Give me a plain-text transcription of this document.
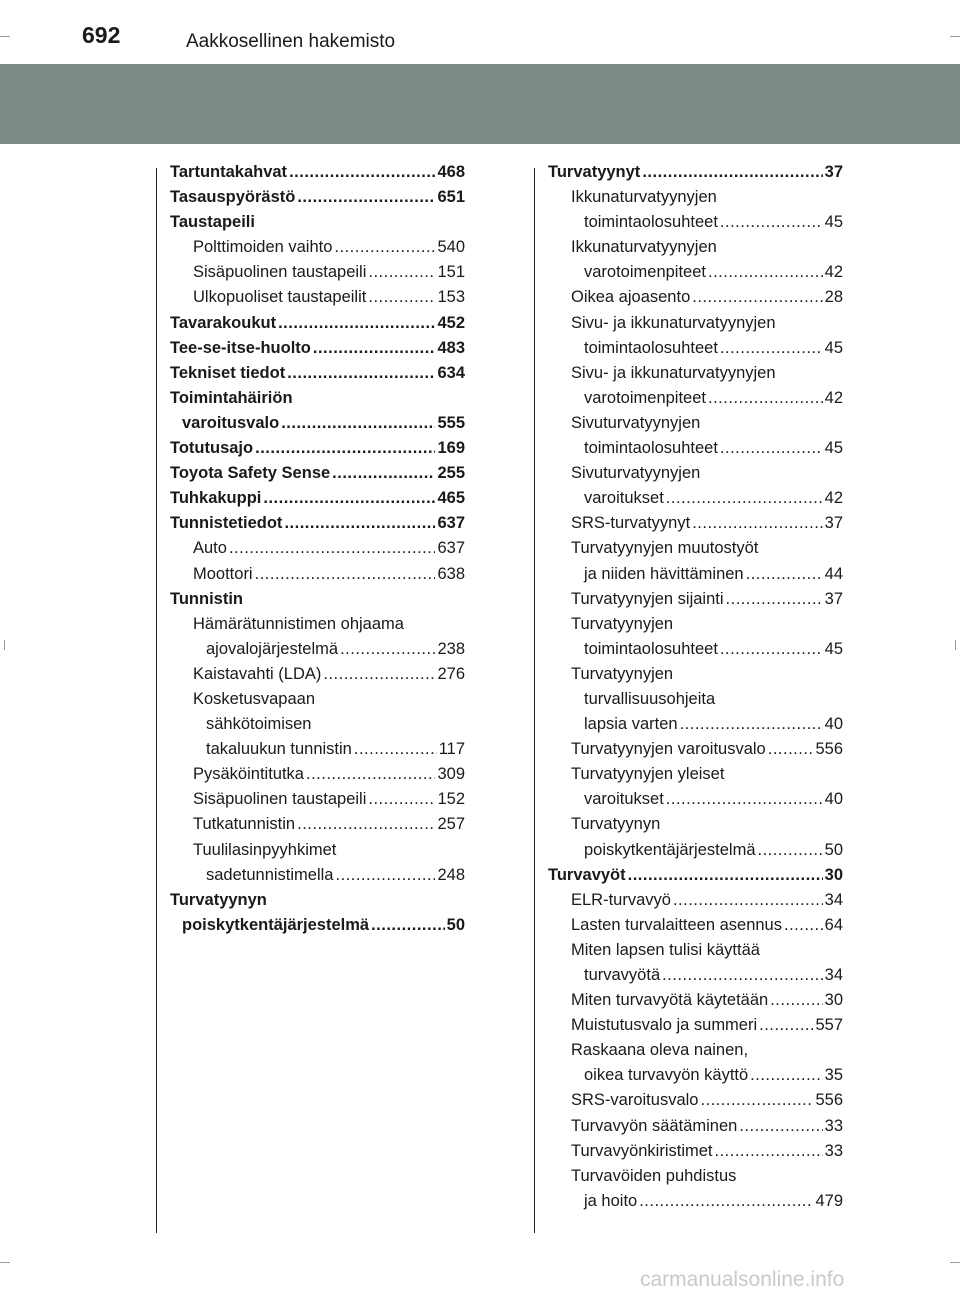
692	Aakkosellinen hakemisto
Tartuntakahvat .....	468
Tasauspyörästö .....	651
Taustapeili
Polttimoiden vaihto .....	540
Sisäpuolinen taustapeili .....	151
Ulkopuoliset taustapeilit .....	153
Tavarakoukut .....	452
Tee-se-itse-huolto .....	483
Tekniset tiedot .....	634
Toimintahäiriön
varoitusvalo .....	555
Totutusajo .....	169
Toyota Safety Sense .....	255
Tuhkakuppi .....	465
Tunnistetiedot .....	637
Auto .....	637
Moottori .....	638
Tunnistin
Hämärätunnistimen ohjaama
ajovalojärjestelmä .....	238
Kaistavahti (LDA) .....	276
Kosketusvapaan
sähkötoimisen
takaluukun tunnistin .....	117
Pysäköintitutka .....	309
Sisäpuolinen taustapeili .....	152
Tutkatunnistin .....	257
Tuulilasinpyyhkimet
sadetunnistimella .....	248
Turvatyynyn
poiskytkentäjärjestelmä .....	50
Turvatyynyt .....	37
Ikkunaturvatyynyjen
toimintaolosuhteet .....	45
Ikkunaturvatyynyjen
varotoimenpiteet .....	42
Oikea ajoasento .....	28
Sivu- ja ikkunaturvatyynyjen
toimintaolosuhteet .....	45
Sivu- ja ikkunaturvatyynyjen
varotoimenpiteet .....	42
Sivuturvatyynyjen
toimintaolosuhteet .....	45
Sivuturvatyynyjen
varoitukset .....	42
SRS-turvatyynyt .....	37
Turvatyynyjen muutostyöt
ja niiden hävittäminen .....	44
Turvatyynyjen sijainti .....	37
Turvatyynyjen
toimintaolosuhteet .....	45
Turvatyynyjen
turvallisuusohjeita
lapsia varten .....	40
Turvatyynyjen varoitusvalo .....	556
Turvatyynyjen yleiset
varoitukset .....	40
Turvatyynyn
poiskytkentäjärjestelmä .....	50
Turvavyöt .....	30
ELR-turvavyö .....	34
Lasten turvalaitteen asennus .....	64
Miten lapsen tulisi käyttää
turvavyötä .....	34
Miten turvavyötä käytetään .....	30
Muistutusvalo ja summeri .....	557
Raskaana oleva nainen,
oikea turvavyön käyttö .....	35
SRS-varoitusvalo .....	556
Turvavyön säätäminen .....	33
Turvavyönkiristimet .....	33
Turvavöiden puhdistus
ja hoito .....	479
carmanualsonline.info
